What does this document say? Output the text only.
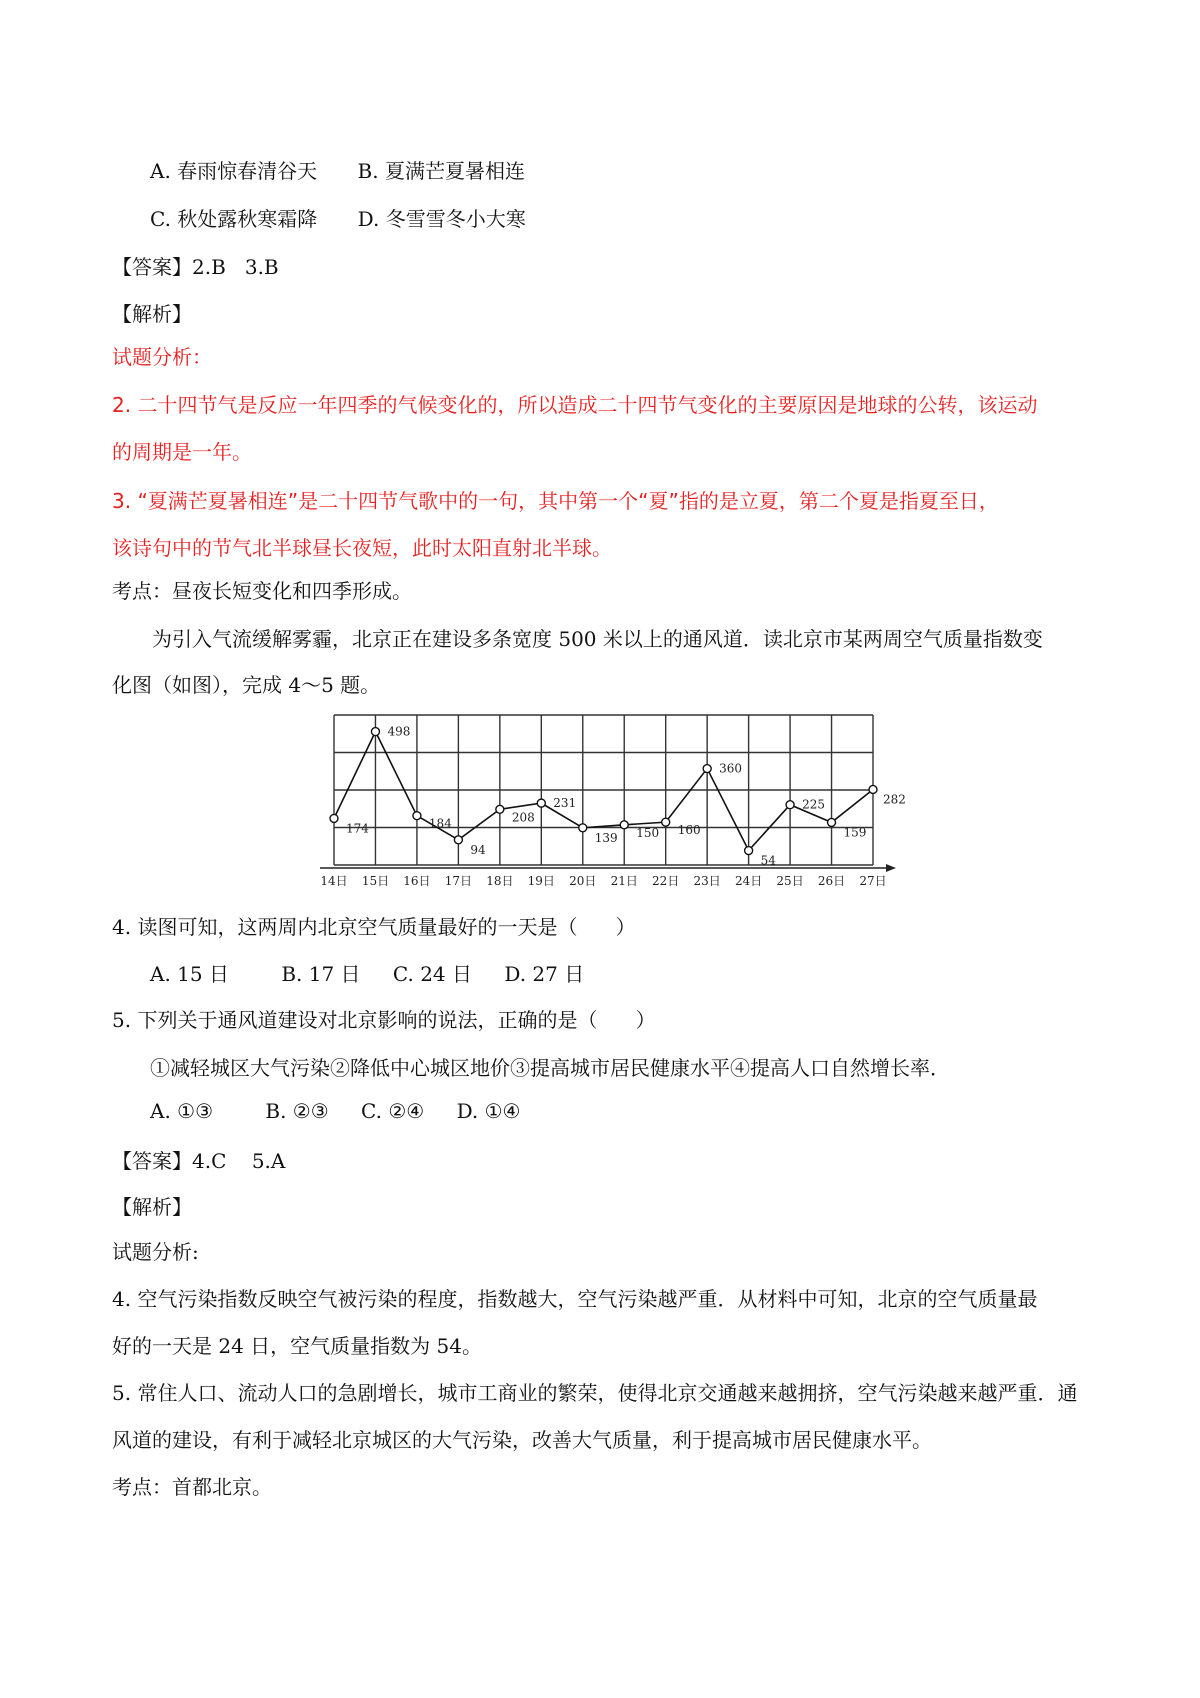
A. 春雨惊春清谷天 B. 夏满芒夏暑相连
C. 秋处露秋寒霜降 D. 冬雪雪冬小大寒
【答案】2.B   3.B
【解析】
试题分析：
2. 二十四节气是反应一年四季的气候变化的，所以造成二十四节气变化的主要原因是地球的公转，该运动
的周期是一年。
3. “夏满芒夏暑相连”是二十四节气歌中的一句，其中第一个“夏”指的是立夏，第二个夏是指夏至日，
该诗句中的节气北半球昼长夜短，此时太阳直射北半球。
考点：昼夜长短变化和四季形成。
为引入气流缓解雾霾，北京正在建设多条宽度 500 米以上的通风道．读北京市某两周空气质量指数变
化图（如图），完成 4～5 题。
14日 15日 16日 17日 18日 19日 20日 21日 22日 23日 24日 25日 26日 27日
174
498
184
94
208
231
139 150 160
360
54
225
159
282
4. 读图可知，这两周内北京空气质量最好的一天是（      ）
A. 15 日	B. 17 日 C. 24 日 D. 27 日
5. 下列关于通风道建设对北京影响的说法，正确的是（      ）
①减轻城区大气污染②降低中心城区地价③提高城市居民健康水平④提高人口自然增长率．
A. ①③	B. ②③ C. ②④ D. ①④
【答案】4.C    5.A
【解析】
试题分析:
4. 空气污染指数反映空气被污染的程度，指数越大，空气污染越严重．从材料中可知，北京的空气质量最
好的一天是 24 日，空气质量指数为 54。
5. 常住人口、流动人口的急剧增长，城市工商业的繁荣，使得北京交通越来越拥挤，空气污染越来越严重．通
风道的建设，有利于减轻北京城区的大气污染，改善大气质量，利于提高城市居民健康水平。
考点：首都北京。
